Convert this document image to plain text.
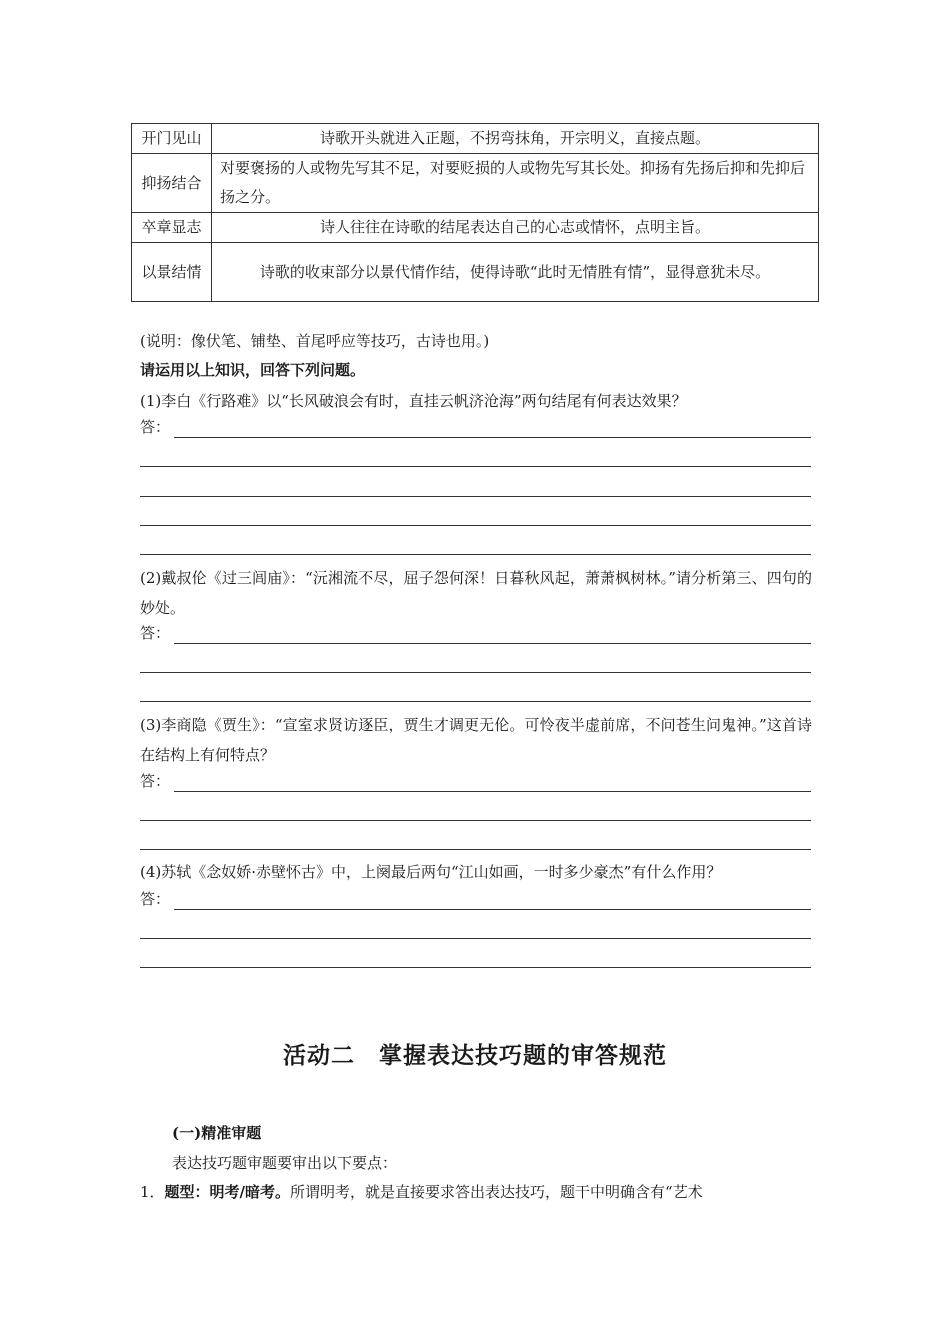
开门见山	诗歌开头就进入正题，不拐弯抹角，开宗明义，直接点题。
抑扬结合	对要褒扬的人或物先写其不足，对要贬损的人或物先写其长处。抑扬有先扬后抑和先抑后扬之分。
卒章显志	诗人往往在诗歌的结尾表达自己的心志或情怀，点明主旨。
以景结情	诗歌的收束部分以景代情作结，使得诗歌“此时无情胜有情”，显得意犹未尽。
(说明：像伏笔、铺垫、首尾呼应等技巧，古诗也用。)
请运用以上知识，回答下列问题。
(1)李白《行路难》以“长风破浪会有时，直挂云帆济沧海”两句结尾有何表达效果？
答：
(2)戴叔伦《过三闾庙》：“沅湘流不尽，屈子怨何深！日暮秋风起，萧萧枫树林。”请分析第三、四句的妙处。
答：
(3)李商隐《贾生》：“宣室求贤访逐臣，贾生才调更无伦。可怜夜半虚前席，不问苍生问鬼神。”这首诗在结构上有何特点？
答：
(4)苏轼《念奴娇·赤壁怀古》中，上阕最后两句“江山如画，一时多少豪杰”有什么作用？
答：
活动二　掌握表达技巧题的审答规范
(一)精准审题
表达技巧题审题要审出以下要点：
1．题型：明考/暗考。所谓明考，就是直接要求答出表达技巧，题干中明确含有“艺术
